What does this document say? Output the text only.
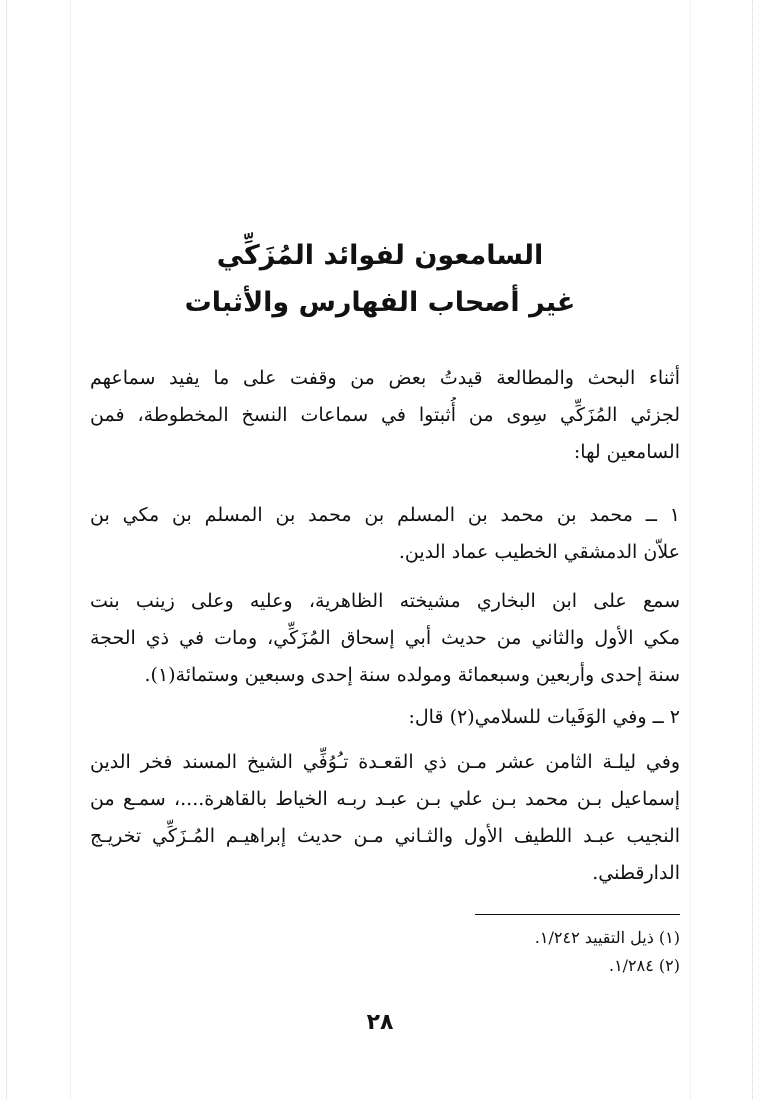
السامعون لفوائد المُزَكِّي
غير أصحاب الفهارس والأثبات
أثناء البحث والمطالعة قيدتُ بعض من وقفت على ما يفيد سماعهم
لجزئي المُزَكِّي سِوى من أُثبتوا في سماعات النسخ المخطوطة، فمن
السامعين لها:
١ ــ محمد بن محمد بن المسلم بن محمد بن المسلم بن مكي بن
علاّن الدمشقي الخطيب عماد الدين.
سمع على ابن البخاري مشيخته الظاهرية، وعليه وعلى زينب بنت
مكي الأول والثاني من حديث أبي إسحاق المُزَكِّي، ومات في ذي الحجة
سنة إحدى وأربعين وسبعمائة ومولده سنة إحدى وسبعين وستمائة(١).
٢ ــ وفي الوَفَيات للسلامي(٢) قال:
وفي ليلـة الثامن عشر مـن ذي القعـدة تـُوُفِّي الشيخ المسند فخر الدين
إسماعيل بـن محمد بـن علي بـن عبـد ربـه الخياط بالقاهرة....، سمـع من
النجيب عبـد اللطيف الأول والثـاني مـن حديث إبراهيـم المُـزَكِّي تخريـج
الدارقطني.
(١) ذيل التقييد ١/٢٤٢.
(٢) ١/٢٨٤.
٢٨
